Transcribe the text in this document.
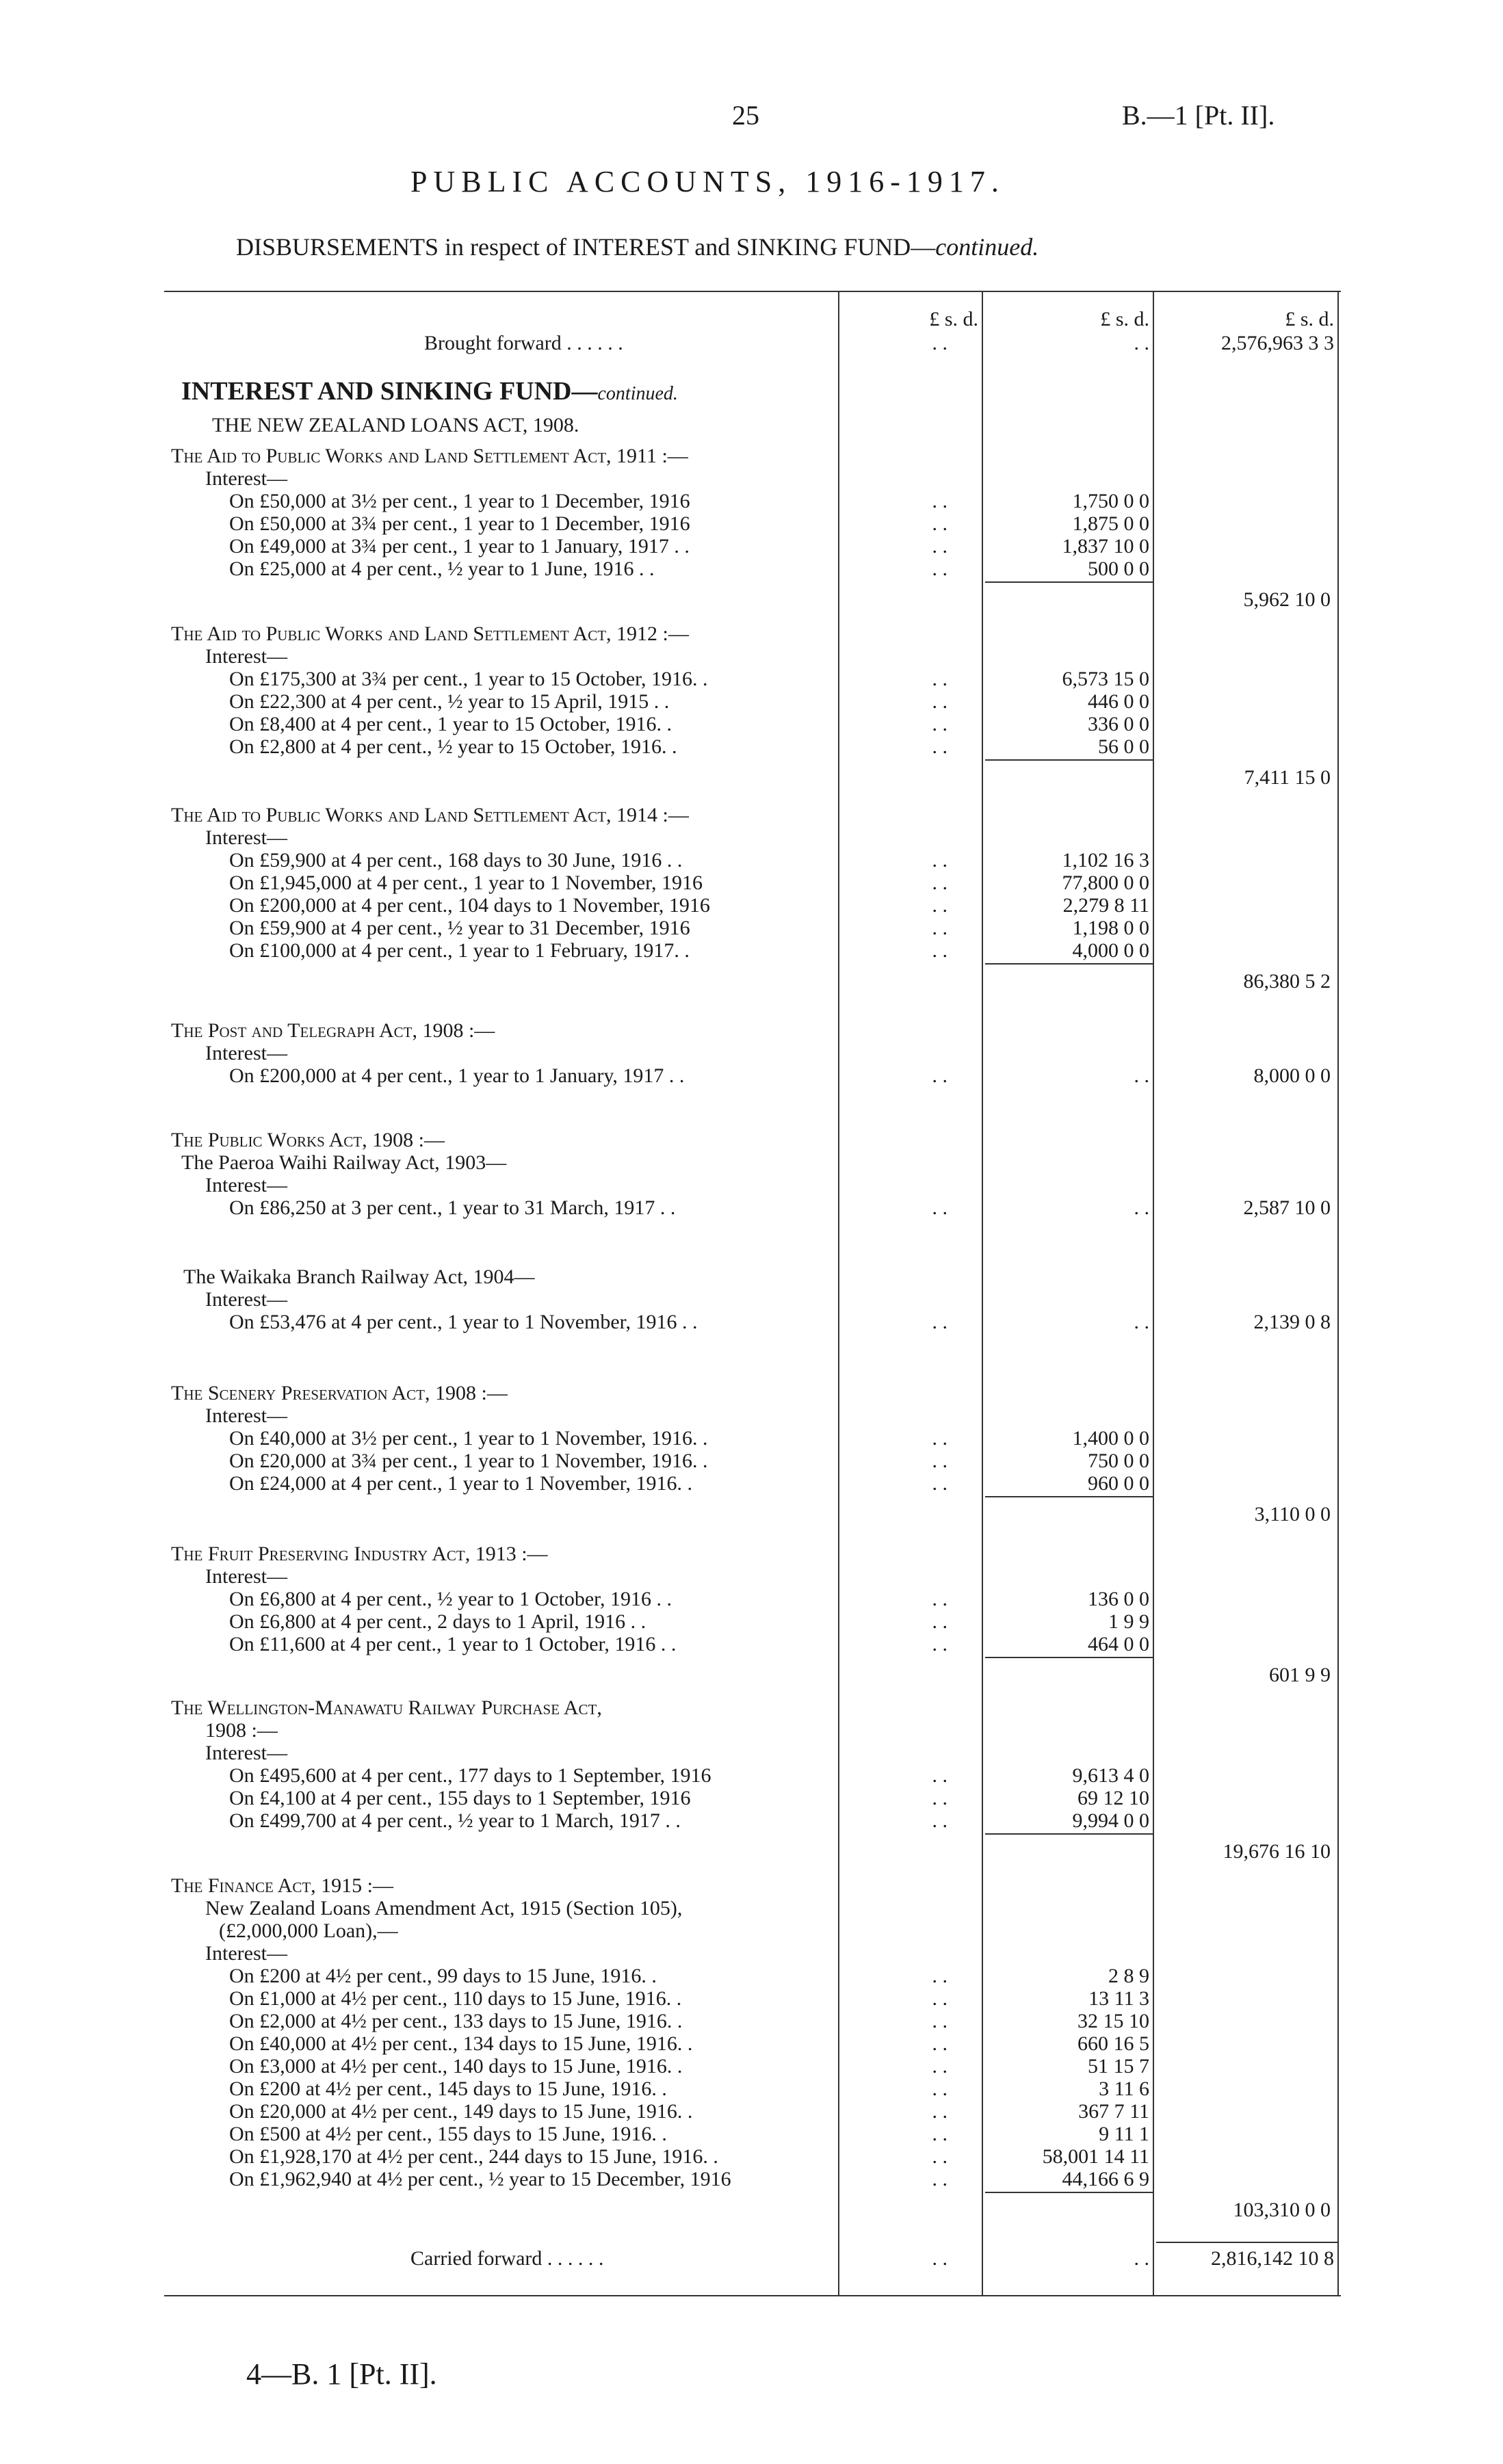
25	B.—1 [Pt. II].
PUBLIC ACCOUNTS, 1916-1917.
DISBURSEMENTS in respect of INTEREST and SINKING FUND—continued.
£ s. d.	£ s. d.	£ s. d.
Brought forward . . . . . .	. .	. .	2,576,963 3 3
INTEREST AND SINKING FUND—continued.
THE NEW ZEALAND LOANS ACT, 1908.
The Aid to Public Works and Land Settlement Act, 1911 :—
Interest—
On £50,000 at 3½ per cent., 1 year to 1 December, 1916	. .	1,750 0 0
On £50,000 at 3¾ per cent., 1 year to 1 December, 1916	. .	1,875 0 0
On £49,000 at 3¾ per cent., 1 year to 1 January, 1917 . .	. .	1,837 10 0
On £25,000 at 4 per cent., ½ year to 1 June, 1916 . .	. .	500 0 0
5,962 10 0
The Aid to Public Works and Land Settlement Act, 1912 :—
Interest—
On £175,300 at 3¾ per cent., 1 year to 15 October, 1916. .	. .	6,573 15 0
On £22,300 at 4 per cent., ½ year to 15 April, 1915 . .	. .	446 0 0
On £8,400 at 4 per cent., 1 year to 15 October, 1916. .	. .	336 0 0
On £2,800 at 4 per cent., ½ year to 15 October, 1916. .	. .	56 0 0
7,411 15 0
The Aid to Public Works and Land Settlement Act, 1914 :—
Interest—
On £59,900 at 4 per cent., 168 days to 30 June, 1916 . .	. .	1,102 16 3
On £1,945,000 at 4 per cent., 1 year to 1 November, 1916	. .	77,800 0 0
On £200,000 at 4 per cent., 104 days to 1 November, 1916	. .	2,279 8 11
On £59,900 at 4 per cent., ½ year to 31 December, 1916	. .	1,198 0 0
On £100,000 at 4 per cent., 1 year to 1 February, 1917. .	. .	4,000 0 0
86,380 5 2
The Post and Telegraph Act, 1908 :—
Interest—
On £200,000 at 4 per cent., 1 year to 1 January, 1917 . .	. .	. .	8,000 0 0
The Public Works Act, 1908 :—
The Paeroa Waihi Railway Act, 1903—
Interest—
On £86,250 at 3 per cent., 1 year to 31 March, 1917 . .	. .	. .	2,587 10 0
The Waikaka Branch Railway Act, 1904—
Interest—
On £53,476 at 4 per cent., 1 year to 1 November, 1916 . .	. .	. .	2,139 0 8
The Scenery Preservation Act, 1908 :—
Interest—
On £40,000 at 3½ per cent., 1 year to 1 November, 1916. .	. .	1,400 0 0
On £20,000 at 3¾ per cent., 1 year to 1 November, 1916. .	. .	750 0 0
On £24,000 at 4 per cent., 1 year to 1 November, 1916. .	. .	960 0 0
3,110 0 0
The Fruit Preserving Industry Act, 1913 :—
Interest—
On £6,800 at 4 per cent., ½ year to 1 October, 1916 . .	. .	136 0 0
On £6,800 at 4 per cent., 2 days to 1 April, 1916 . .	. .	1 9 9
On £11,600 at 4 per cent., 1 year to 1 October, 1916 . .	. .	464 0 0
601 9 9
The Wellington-Manawatu Railway Purchase Act,
1908 :—
Interest—
On £495,600 at 4 per cent., 177 days to 1 September, 1916	. .	9,613 4 0
On £4,100 at 4 per cent., 155 days to 1 September, 1916	. .	69 12 10
On £499,700 at 4 per cent., ½ year to 1 March, 1917 . .	. .	9,994 0 0
19,676 16 10
The Finance Act, 1915 :—
New Zealand Loans Amendment Act, 1915 (Section 105),
(£2,000,000 Loan),—
Interest—
On £200 at 4½ per cent., 99 days to 15 June, 1916. .	. .	2 8 9
On £1,000 at 4½ per cent., 110 days to 15 June, 1916. .	. .	13 11 3
On £2,000 at 4½ per cent., 133 days to 15 June, 1916. .	. .	32 15 10
On £40,000 at 4½ per cent., 134 days to 15 June, 1916. .	. .	660 16 5
On £3,000 at 4½ per cent., 140 days to 15 June, 1916. .	. .	51 15 7
On £200 at 4½ per cent., 145 days to 15 June, 1916. .	. .	3 11 6
On £20,000 at 4½ per cent., 149 days to 15 June, 1916. .	. .	367 7 11
On £500 at 4½ per cent., 155 days to 15 June, 1916. .	. .	9 11 1
On £1,928,170 at 4½ per cent., 244 days to 15 June, 1916. .	. .	58,001 14 11
On £1,962,940 at 4½ per cent., ½ year to 15 December, 1916	. .	44,166 6 9
103,310 0 0
Carried forward . . . . . .	. .	. .	2,816,142 10 8
4—B. 1 [Pt. II].
